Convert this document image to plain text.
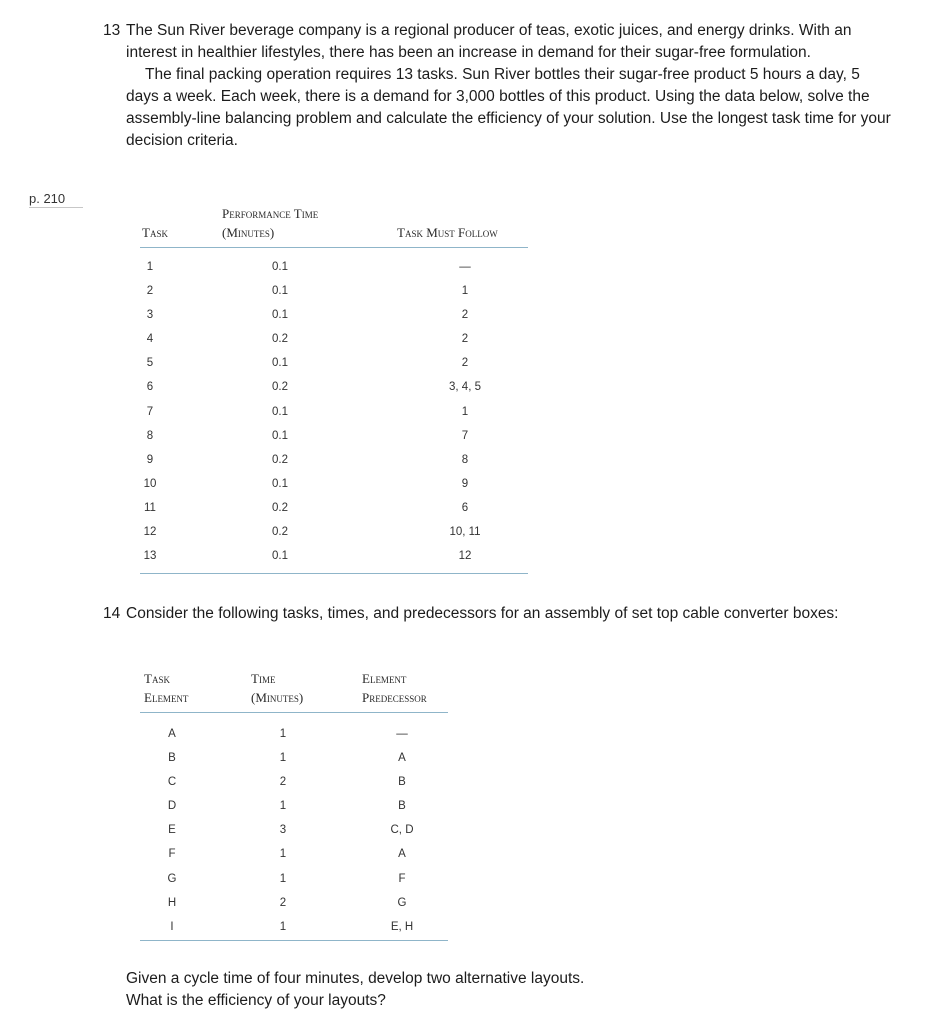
13 The Sun River beverage company is a regional producer of teas, exotic juices, and energy drinks. With an interest in healthier lifestyles, there has been an increase in demand for their sugar-free formulation.

The final packing operation requires 13 tasks. Sun River bottles their sugar-free product 5 hours a day, 5 days a week. Each week, there is a demand for 3,000 bottles of this product. Using the data below, solve the assembly-line balancing problem and calculate the efficiency of your solution. Use the longest task time for your decision criteria.

p. 210
Task
Performance Time
(Minutes)	Task Must Follow
1
2
3
4
5
6
7
8
9
10
11
12
13
0.1
0.1
0.1
0.2
0.1
0.2
0.1
0.1
0.2
0.1
0.2
0.2
0.1
—
1
2
2
2
3, 4, 5
1
7
8
9
6
10, 11
12
14 Consider the following tasks, times, and predecessors for an assembly of set top cable converter boxes:

Task
Element
Time
(Minutes)
Element
Predecessor
A
B
C
D
E
F
G
H
I
1
1
2
1
3
1
1
2
1
—
A
B
B
C, D
A
F
G
E, H
Given a cycle time of four minutes, develop two alternative layouts.
What is the efficiency of your layouts?
